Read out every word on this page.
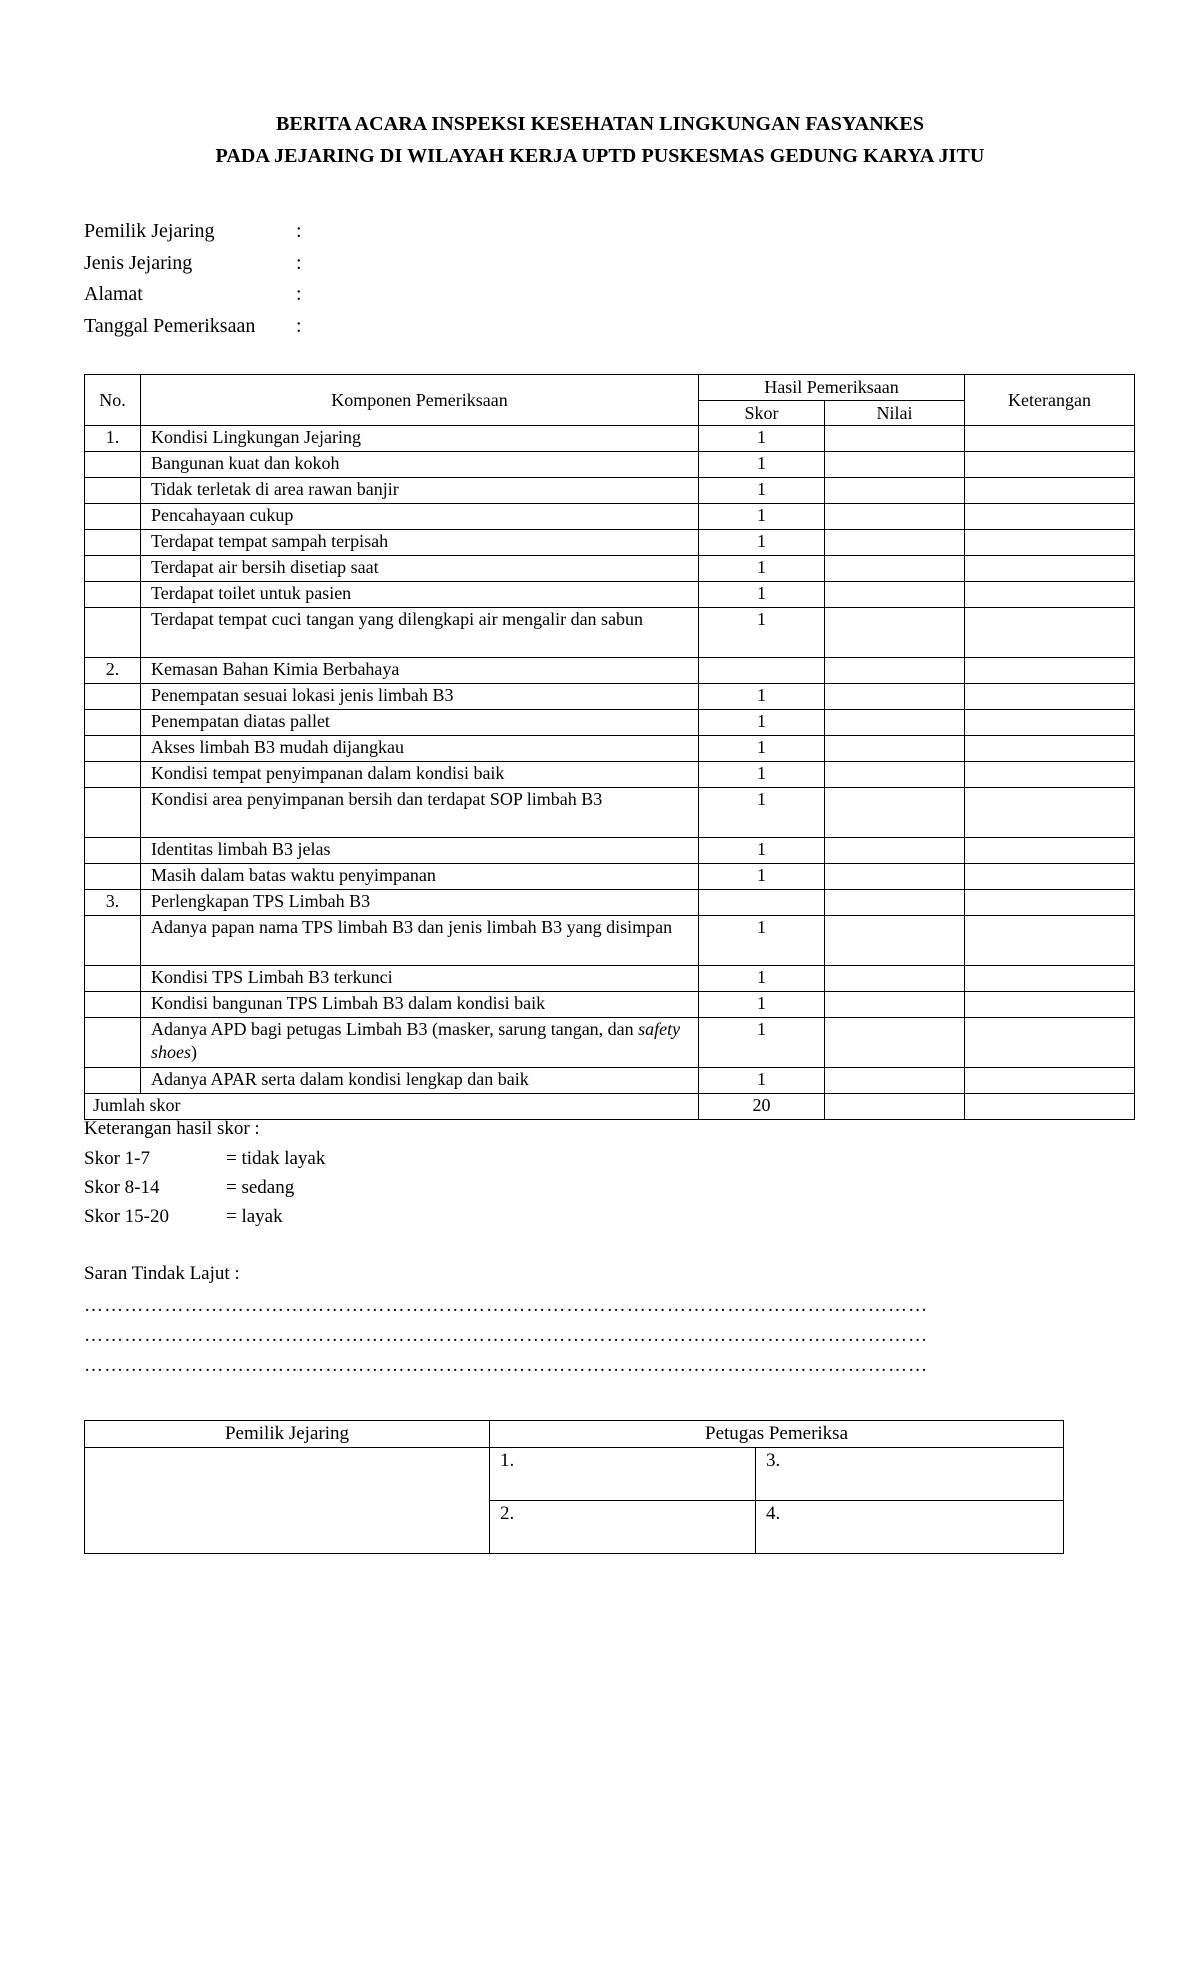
BERITA ACARA INSPEKSI KESEHATAN LINGKUNGAN FASYANKES
PADA JEJARING DI WILAYAH KERJA UPTD PUSKESMAS GEDUNG KARYA JITU
Pemilik Jejaring	:
Jenis Jejaring	:
Alamat	:
Tanggal Pemeriksaan :
No.	Komponen Pemeriksaan	Hasil Pemeriksaan		Keterangan
		Skor	Nilai	
1.	Kondisi Lingkungan Jejaring	1		
	Bangunan kuat dan kokoh	1		
	Tidak terletak di area rawan banjir	1		
	Pencahayaan cukup	1		
	Terdapat tempat sampah terpisah	1		
	Terdapat air bersih disetiap saat	1		
	Terdapat toilet untuk pasien	1		
	Terdapat tempat cuci tangan yang dilengkapi air mengalir dan sabun	1		
2.	Kemasan Bahan Kimia Berbahaya			
	Penempatan sesuai lokasi jenis limbah B3	1		
	Penempatan diatas pallet	1		
	Akses limbah B3 mudah dijangkau	1		
	Kondisi tempat penyimpanan dalam kondisi baik	1		
	Kondisi area penyimpanan bersih dan terdapat SOP limbah B3	1		
	Identitas limbah B3 jelas	1		
	Masih dalam batas waktu penyimpanan	1		
3.	Perlengkapan TPS Limbah B3			
	Adanya papan nama TPS limbah B3 dan jenis limbah B3 yang disimpan	1		
	Kondisi TPS Limbah B3 terkunci	1		
	Kondisi bangunan TPS Limbah B3 dalam kondisi baik	1		
	Adanya APD bagi petugas Limbah B3 (masker, sarung tangan, dan safety shoes)	1		
	Adanya APAR serta dalam kondisi lengkap dan baik	1		
Jumlah skor		20		
Keterangan hasil skor :
Skor 1-7	= tidak layak
Skor 8-14	= sedang
Skor 15-20	= layak
Saran Tindak Lajut :
………………………………………………………………………………………………………………
………………………………………………………………………………………………………………
………………………………………………………………………………………………………………
Pemilik Jejaring	Petugas Pemeriksa	
	1.	3.
	2.	4.
